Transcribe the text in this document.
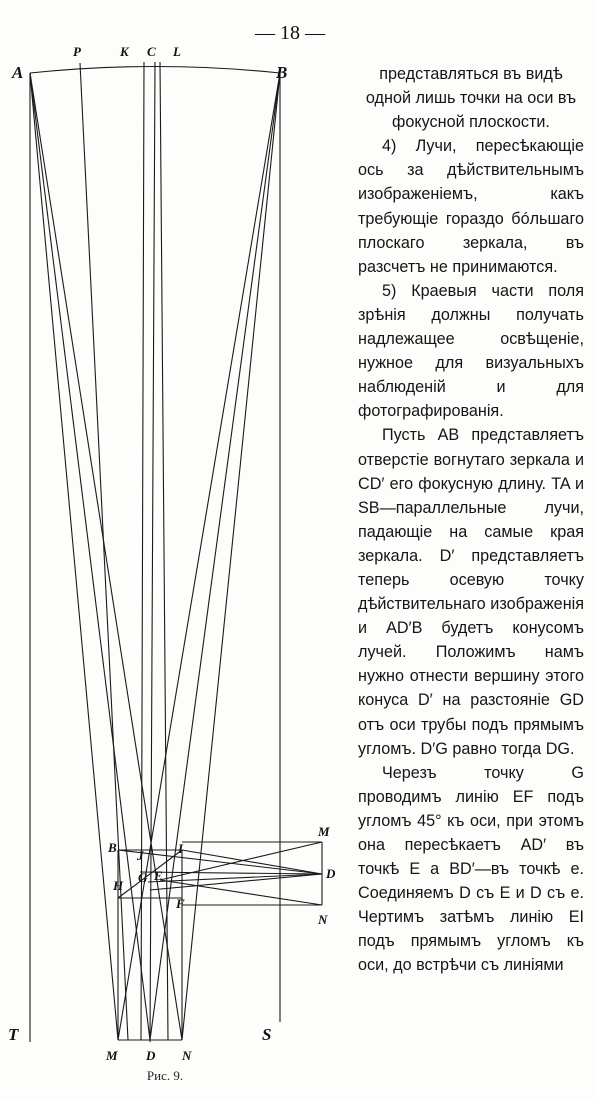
— 18 —
A
P	K C L
B
B
J	I
M
H
G E
F
D
N
T	S
M D N
Рис. 9.

представляться въ видѣ одной лишь точки на оси въ фокусной плоскости.

4) Лучи, пересѣкающіе ось за дѣйствительнымъ изображеніемъ, какъ требующіе гораздо бóльшаго плоскаго зеркала, въ разсчетъ не принимаются.

5) Краевыя части поля зрѣнія должны получать надлежащее освѣщеніе, нужное для визуальныхъ наблюденій и для фотографированія.

Пусть AB представляетъ отверстіе вогнутаго зеркала и CD′ его фокусную длину. TA и SB—параллельные лучи, падающіе на самые края зеркала. D′ представляетъ теперь осевую точку дѣйствительнаго изображенія и AD′B будетъ конусомъ лучей. Положимъ намъ нужно отнести вершину этого конуса D′ на разстояніе GD отъ оси трубы подъ прямымъ угломъ. D′G равно тогда DG.

Черезъ точку G проводимъ линію EF подъ угломъ 45° къ оси, при этомъ она пересѣкаетъ AD′ въ точкѣ E а BD′—въ точкѣ e. Соединяемъ D съ E и D съ e. Чертимъ затѣмъ линію EI подъ прямымъ угломъ къ оси, до встрѣчи съ линіями
